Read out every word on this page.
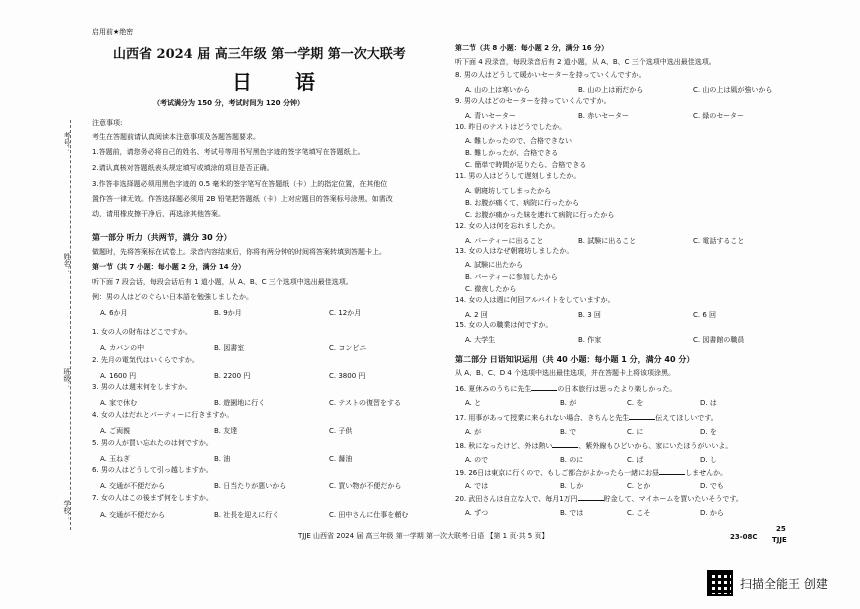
考号：
姓名：
班级：
学校：
启用前★绝密
山西省 2024 届 高三年级 第一学期 第一次大联考
日 语
（考试满分为 150 分，考试时间为 120 分钟）
注意事项:
考生在答题前请认真阅读本注意事项及各题答题要求。
1.答题前，请您务必将自己的姓名、考试号等用书写黑色字迹的签字笔填写在答题纸上。
2.请认真核对答题纸表头规定填写或填涂的项目是否正确。
3.作答非选择题必须用黑色字迹的 0.5 毫米的签字笔写在答题纸（卡）上的指定位置，在其他位
置作答一律无效。作答选择题必须用 2B 铅笔把答题纸（卡）上对应题目的答案标号涂黑。如需改
动，请用橡皮擦干净后，再选涂其他答案。
第一部分 听力（共两节，满分 30 分）
做题时，先将答案标在试卷上。录音内容结束后，你将有两分钟的时间将答案转填到答题卡上。
第一节（共 7 小题：每小题 2 分，满分 14 分）
听下面 7 段会话，每段会话后有 1 道小题，从 A、B、C 三个选项中选出最佳选项。
例：男の人はどのぐらい日本語を勉強しましたか。
A. 6か月	B. 9か月	C. 12か月
1. 女の人の財布はどこですか。
A. カバンの中	B. 図書室	C. コンビニ
2. 先月の電気代はいくらですか。
A. 1600 円	B. 2200 円	C. 3800 円
3. 男の人は週末何をしますか。
A. 家で休む	B. 遊園地に行く	C. テストの復習をする
4. 女の人はだれとパーティーに行きますか。
A. ご両親	B. 友達	C. 子供
5. 男の人が買い忘れたのは何ですか。
A. 玉ねぎ	B. 油	C. 醤油
6. 男の人はどうして引っ越しますか。
A. 交通が不便だから	B. 日当たりが悪いから	C. 買い物が不便だから
7. 女の人はこの後まず何をしますか。
A. 交通が不便だから	B. 社長を迎えに行く	C. 田中さんに仕事を頼む
第二节（共 8 小题：每小题 2 分，满分 16 分）
听下面 4 段录音，每段录音后有 2 道小题，从 A、B、C 三个选项中选出最佳选项。
8. 男の人はどうして暖かいセーターを持っていくんですか。
A. 山の上は寒いから	B. 山の上は雨だから	C. 山の上は風が強いから
9. 男の人はどのセーターを持っていくんですか。
A. 青いセーター	B. 赤いセーター	C. 緑のセーター
10. 昨日のテストはどうでしたか。
A. 難しかったので、合格できない
B. 難しかったが、合格できる
C. 簡単で時間が足りたら、合格できる
11. 男の人はどうして遅刻しましたか。
A. 朝寝坊してしまったから
B. お腹が痛くて、病院に行ったから
C. お腹が痛かった妹を連れて病院に行ったから
12. 女の人は何を忘れましたか。
A. パーティーに出ること	B. 試験に出ること	C. 電話すること
13. 女の人はなぜ朝寝坊しましたか。
A. 試験に出たから
B. パーティーに参加したから
C. 徹夜したから
14. 女の人は週に何回アルバイトをしていますか。
A. 2 回	B. 3 回	C. 6 回
15. 女の人の職業は何ですか。
A. 大学生	B. 作家	C. 図書館の職員
第二部分 日语知识运用（共 40 小题：每小题 1 分，满分 40 分）
从 A、B、C、D 4 个选项中选出最佳选项，并在答题卡上将该项涂黑。
16. 夏休みのうちに先生	の日本旅行は思ったより楽しかった。
A. と	B. が	C. を	D. は
17. 用事があって授業に来られない場合、きちんと先生	伝えてほしいです。
A. が	B. で	C. に	D. を
18. 秋になったけど、外は熱い	、紫外線もひどいから、家にいたほうがいいよ。
A. ので	B. のに	C. ば	D. し
19. 26日は東京に行くので、もしご都合がよかったら一緒にお昼	しませんか。
A. では	B. しか	C. とか	D. でも
20. 武田さんは自立な人で、毎月1万円	貯金して、マイホームを買いたいそうです。
A. ずつ	B. では	C. こそ	D. から
TJJE 山西省 2024 届 高三年级 第一学期 第一次大联考·日语 【第 1 页·共 5 页】	23-08C
25
TJJE
扫描全能王 创建
